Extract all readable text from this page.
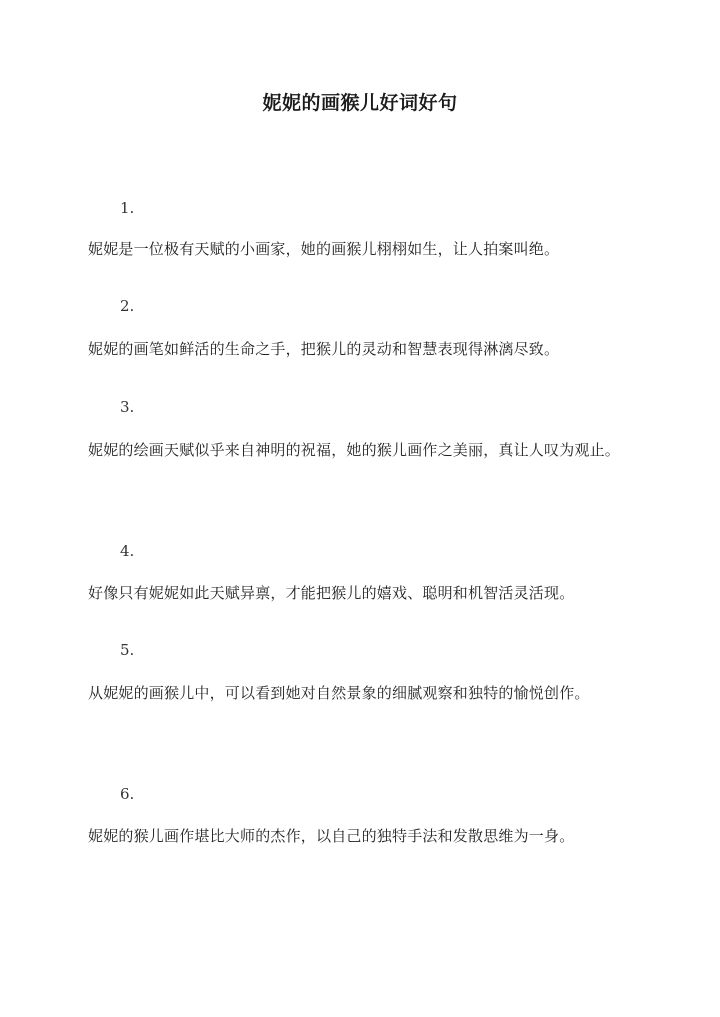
妮妮的画猴儿好词好句
1.
妮妮是一位极有天赋的小画家，她的画猴儿栩栩如生，让人拍案叫绝。
2.
妮妮的画笔如鲜活的生命之手，把猴儿的灵动和智慧表现得淋漓尽致。
3.
妮妮的绘画天赋似乎来自神明的祝福，她的猴儿画作之美丽，真让人叹为观止。
4.
好像只有妮妮如此天赋异禀，才能把猴儿的嬉戏、聪明和机智活灵活现。
5.
从妮妮的画猴儿中，可以看到她对自然景象的细腻观察和独特的愉悦创作。
6.
妮妮的猴儿画作堪比大师的杰作，以自己的独特手法和发散思维为一身。
